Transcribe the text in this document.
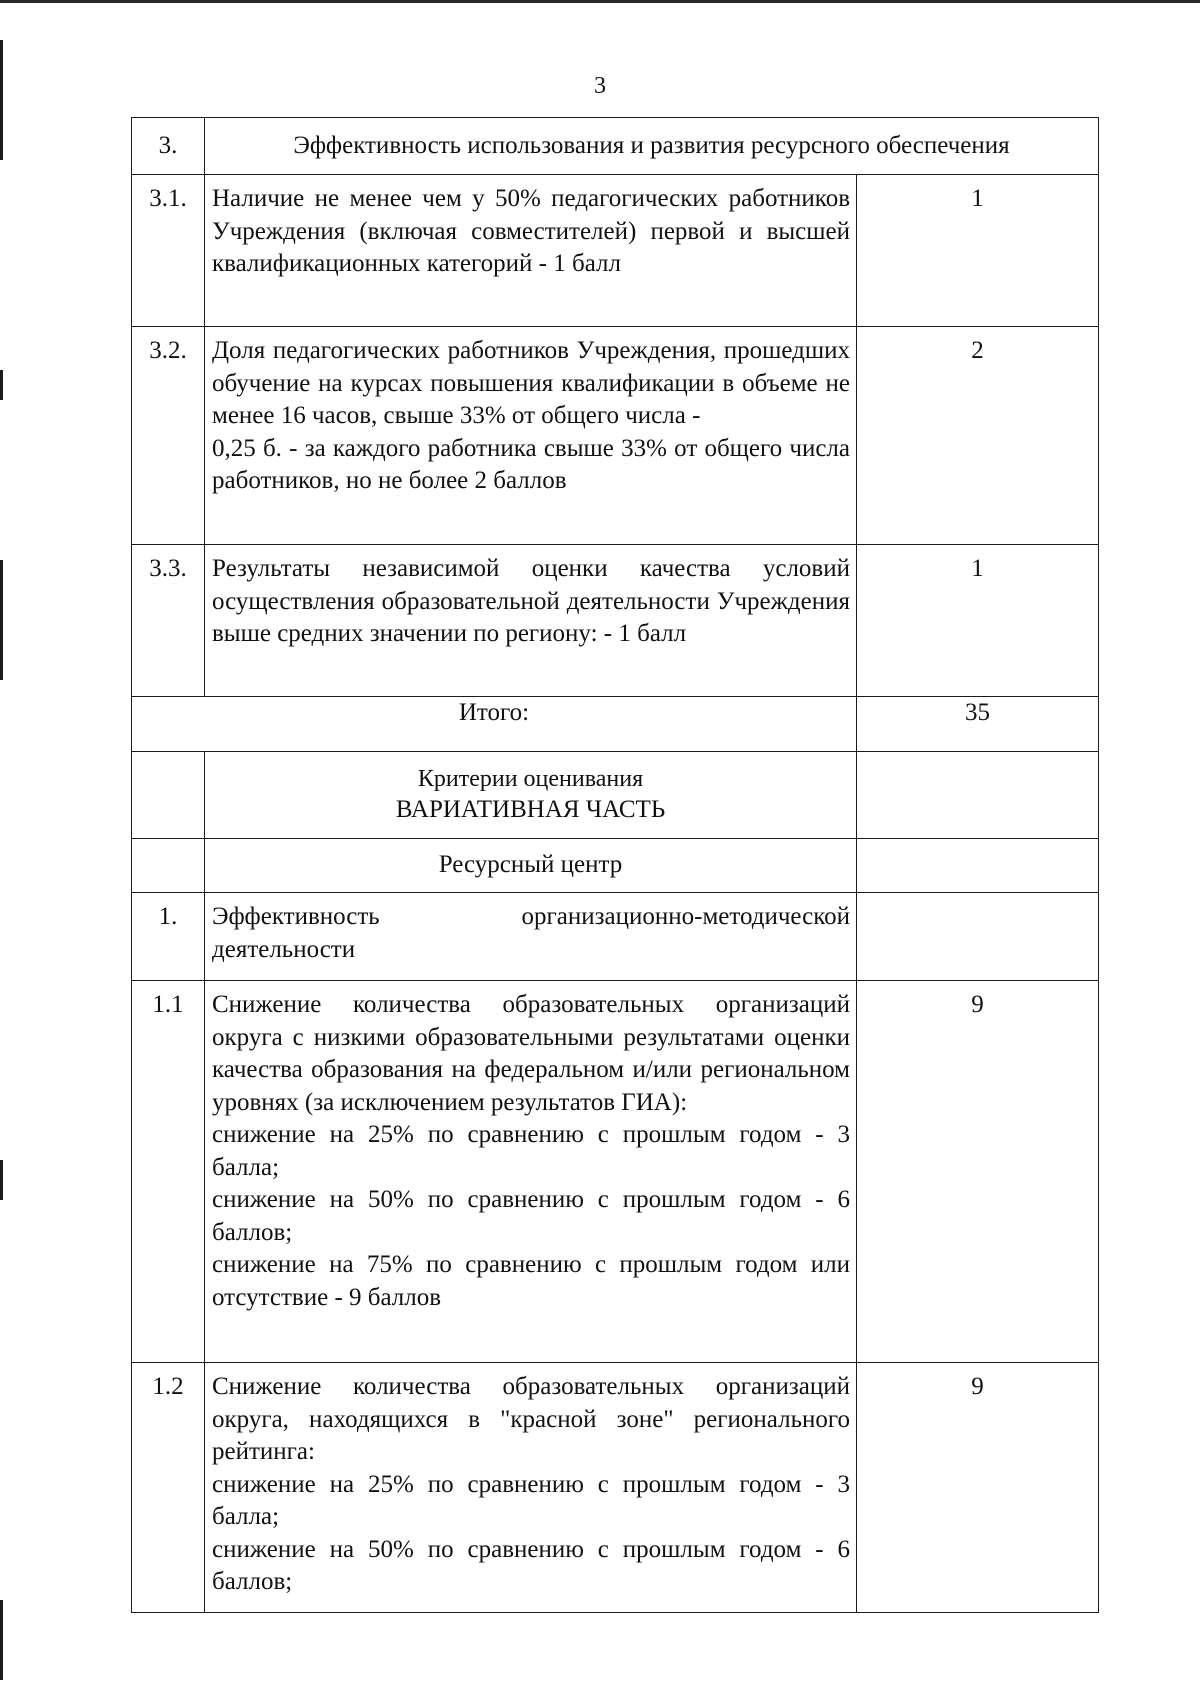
3
3.	Эффективность использования и развития ресурсного обеспечения	
3.1.	Наличие не менее чем у 50% педагогических работников Учреждения (включая совместителей) первой и высшей квалификационных категорий - 1 балл	1
3.2.	Доля педагогических работников Учреждения, прошедших обучение на курсах повышения квалификации в объеме не менее 16 часов, свыше 33% от общего числа -
0,25 б. - за каждого работника свыше 33% от общего числа работников, но не более 2 баллов	2
3.3.	Результаты независимой оценки качества условий осуществления образовательной деятельности Учреждения выше средних значении по региону: - 1 балл	1
Итого:		35

	Критерии оценивания
ВАРИАТИВНАЯ ЧАСТЬ	

	Ресурсный центр	
1.	Эффективность организационно-методической деятельности	
1.1	Снижение количества образовательных организаций округа с низкими образовательными результатами оценки качества образования на федеральном и/или региональном уровнях (за исключением результатов ГИА):
снижение на 25% по сравнению с прошлым годом - 3 балла;
снижение на 50% по сравнению с прошлым годом - 6 баллов;
снижение на 75% по сравнению с прошлым годом или отсутствие - 9 баллов	9
1.2	Снижение количества образовательных организаций округа, находящихся в "красной зоне" регионального рейтинга:
снижение на 25% по сравнению с прошлым годом - 3 балла;
снижение на 50% по сравнению с прошлым годом - 6 баллов;	9
